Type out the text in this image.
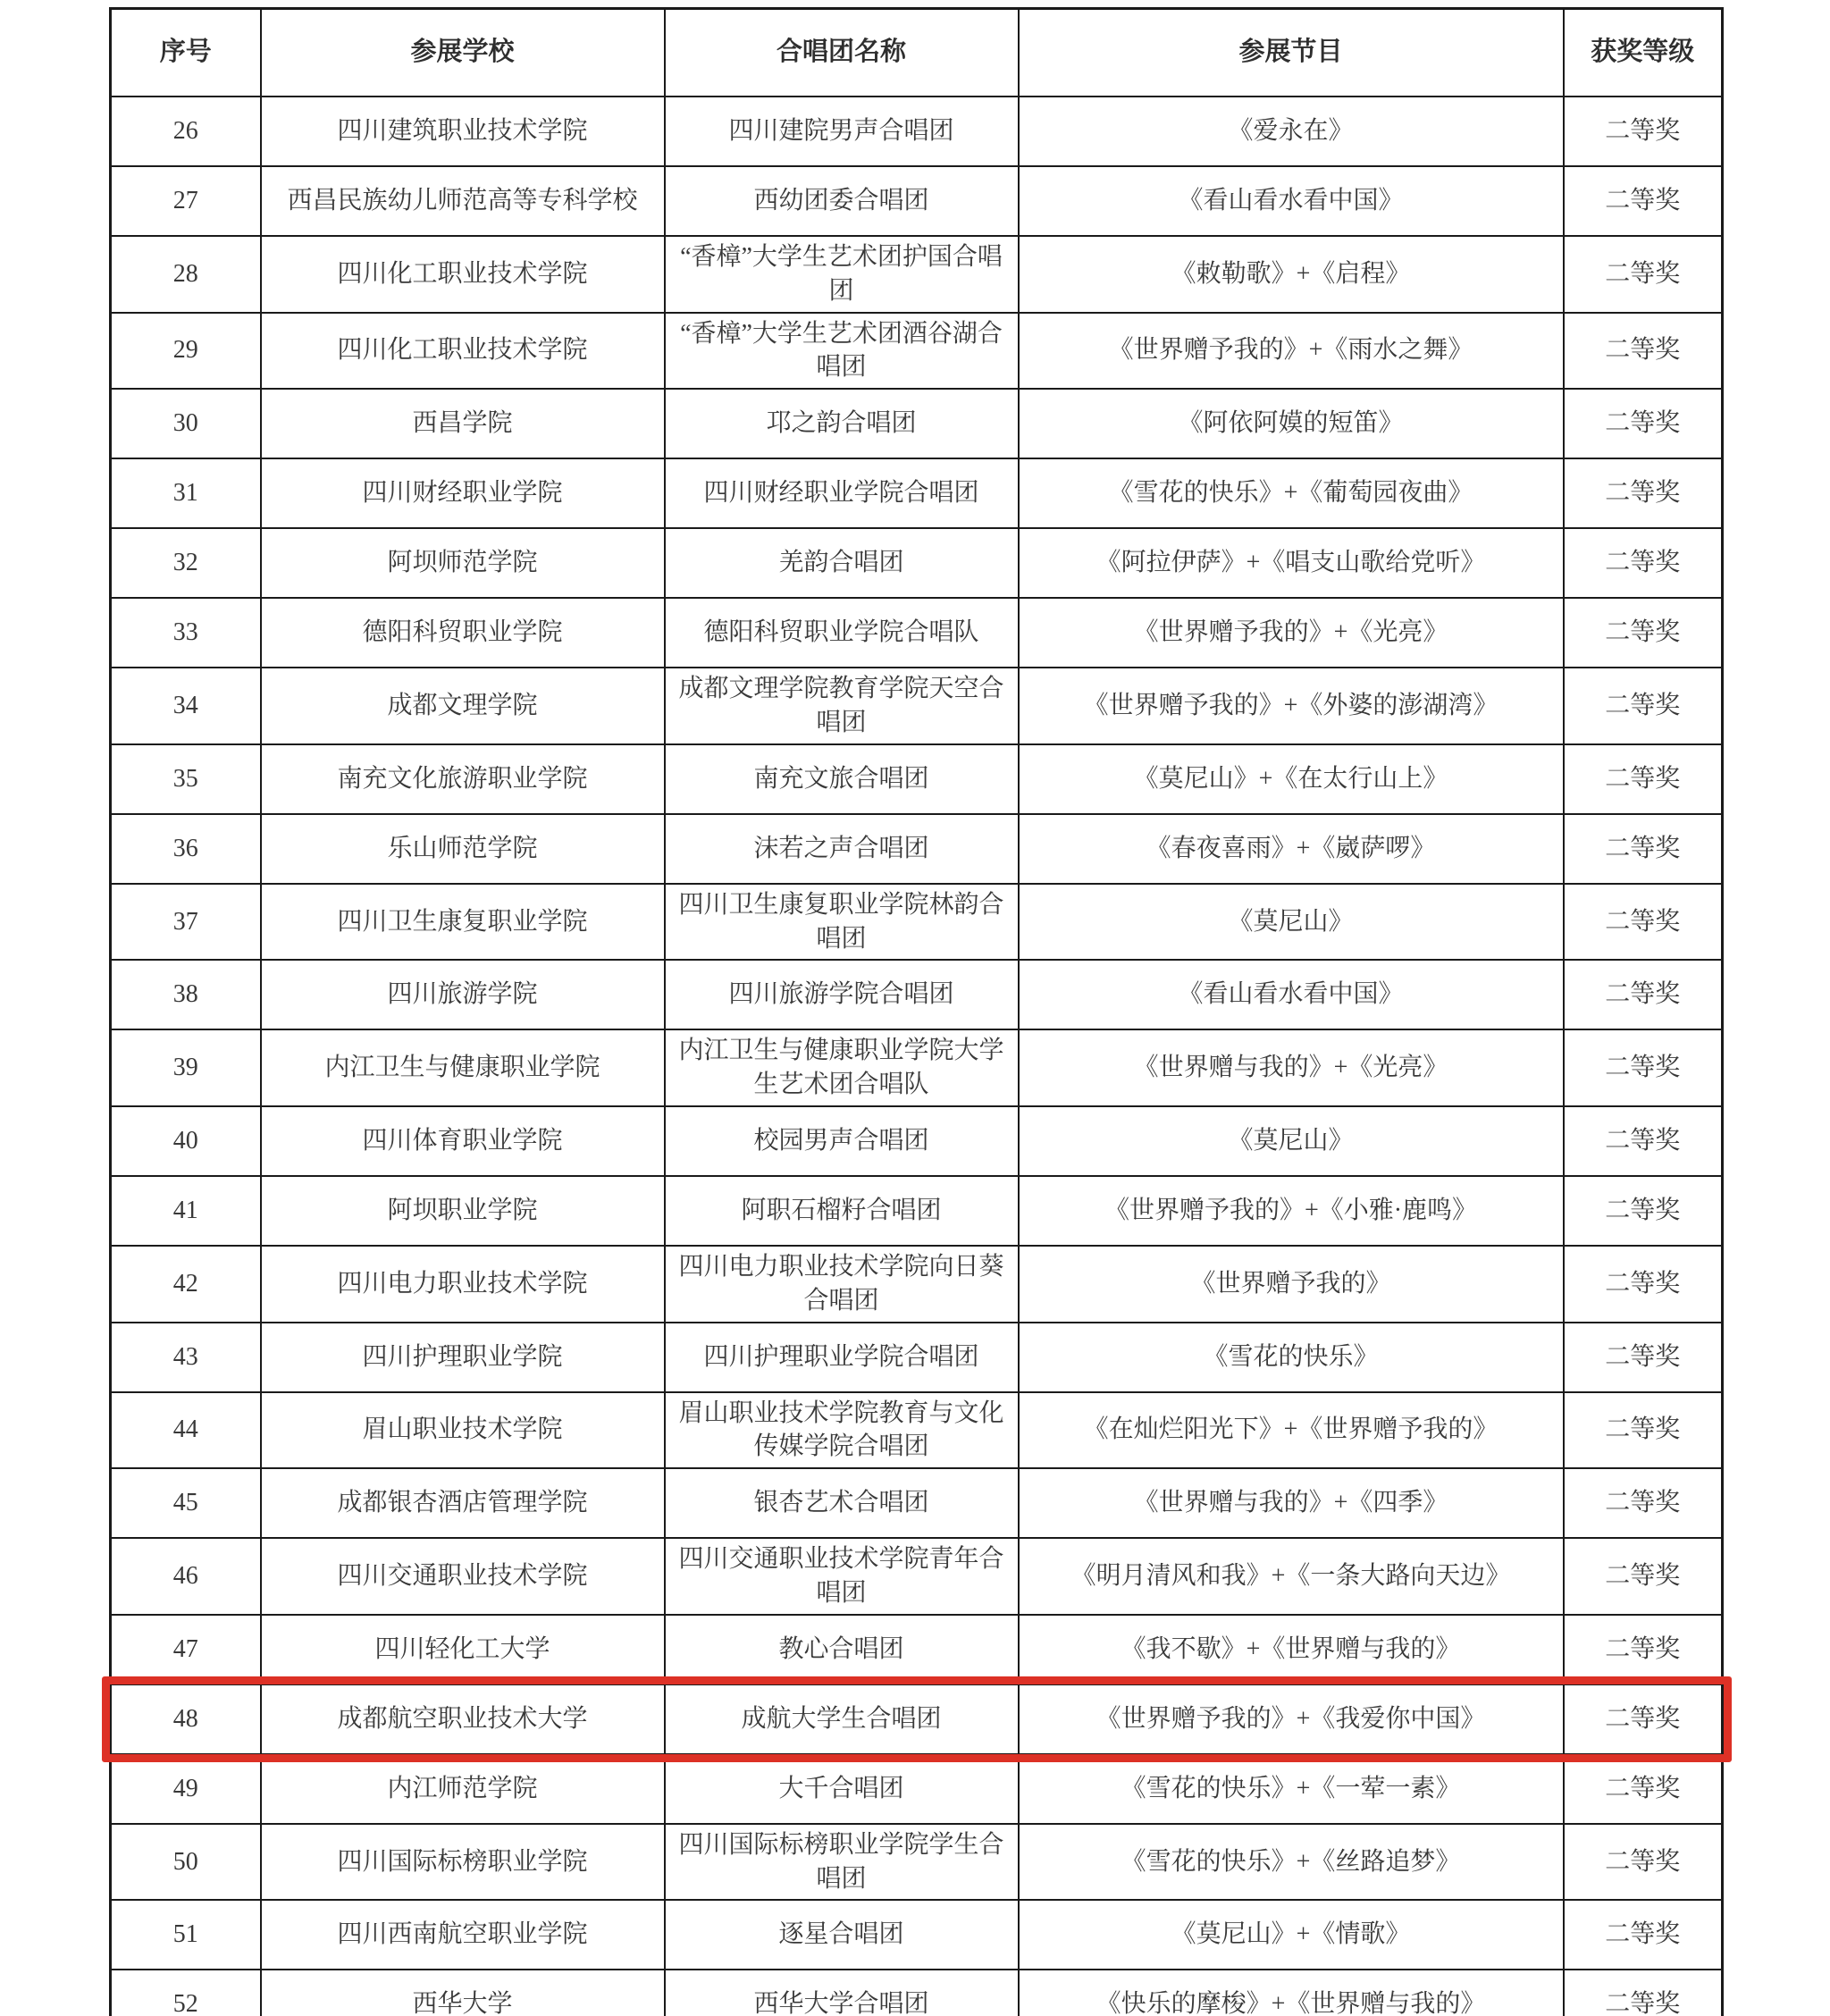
序号	参展学校	合唱团名称	参展节目	获奖等级
26	四川建筑职业技术学院	四川建院男声合唱团	《爱永在》	二等奖
27	西昌民族幼儿师范高等专科学校	西幼团委合唱团	《看山看水看中国》	二等奖
28	四川化工职业技术学院	“香樟”大学生艺术团护国合唱团	《敕勒歌》+《启程》	二等奖
29	四川化工职业技术学院	“香樟”大学生艺术团酒谷湖合唱团	《世界赠予我的》+《雨水之舞》	二等奖
30	西昌学院	邛之韵合唱团	《阿依阿嫫的短笛》	二等奖
31	四川财经职业学院	四川财经职业学院合唱团	《雪花的快乐》+《葡萄园夜曲》	二等奖
32	阿坝师范学院	羌韵合唱团	《阿拉伊萨》+《唱支山歌给党听》	二等奖
33	德阳科贸职业学院	德阳科贸职业学院合唱队	《世界赠予我的》+《光亮》	二等奖
34	成都文理学院	成都文理学院教育学院天空合唱团	《世界赠予我的》+《外婆的澎湖湾》	二等奖
35	南充文化旅游职业学院	南充文旅合唱团	《莫尼山》+《在太行山上》	二等奖
36	乐山师范学院	沫若之声合唱团	《春夜喜雨》+《崴萨啰》	二等奖
37	四川卫生康复职业学院	四川卫生康复职业学院林韵合唱团	《莫尼山》	二等奖
38	四川旅游学院	四川旅游学院合唱团	《看山看水看中国》	二等奖
39	内江卫生与健康职业学院	内江卫生与健康职业学院大学生艺术团合唱队	《世界赠与我的》+《光亮》	二等奖
40	四川体育职业学院	校园男声合唱团	《莫尼山》	二等奖
41	阿坝职业学院	阿职石榴籽合唱团	《世界赠予我的》+《小雅·鹿鸣》	二等奖
42	四川电力职业技术学院	四川电力职业技术学院向日葵合唱团	《世界赠予我的》	二等奖
43	四川护理职业学院	四川护理职业学院合唱团	《雪花的快乐》	二等奖
44	眉山职业技术学院	眉山职业技术学院教育与文化传媒学院合唱团	《在灿烂阳光下》+《世界赠予我的》	二等奖
45	成都银杏酒店管理学院	银杏艺术合唱团	《世界赠与我的》+《四季》	二等奖
46	四川交通职业技术学院	四川交通职业技术学院青年合唱团	《明月清风和我》+《一条大路向天边》	二等奖
47	四川轻化工大学	教心合唱团	《我不歇》+《世界赠与我的》	二等奖
48	成都航空职业技术大学	成航大学生合唱团	《世界赠予我的》+《我爱你中国》	二等奖
49	内江师范学院	大千合唱团	《雪花的快乐》+《一荤一素》	二等奖
50	四川国际标榜职业学院	四川国际标榜职业学院学生合唱团	《雪花的快乐》+《丝路追梦》	二等奖
51	四川西南航空职业学院	逐星合唱团	《莫尼山》+《情歌》	二等奖
52	西华大学	西华大学合唱团	《快乐的摩梭》+《世界赠与我的》	二等奖
